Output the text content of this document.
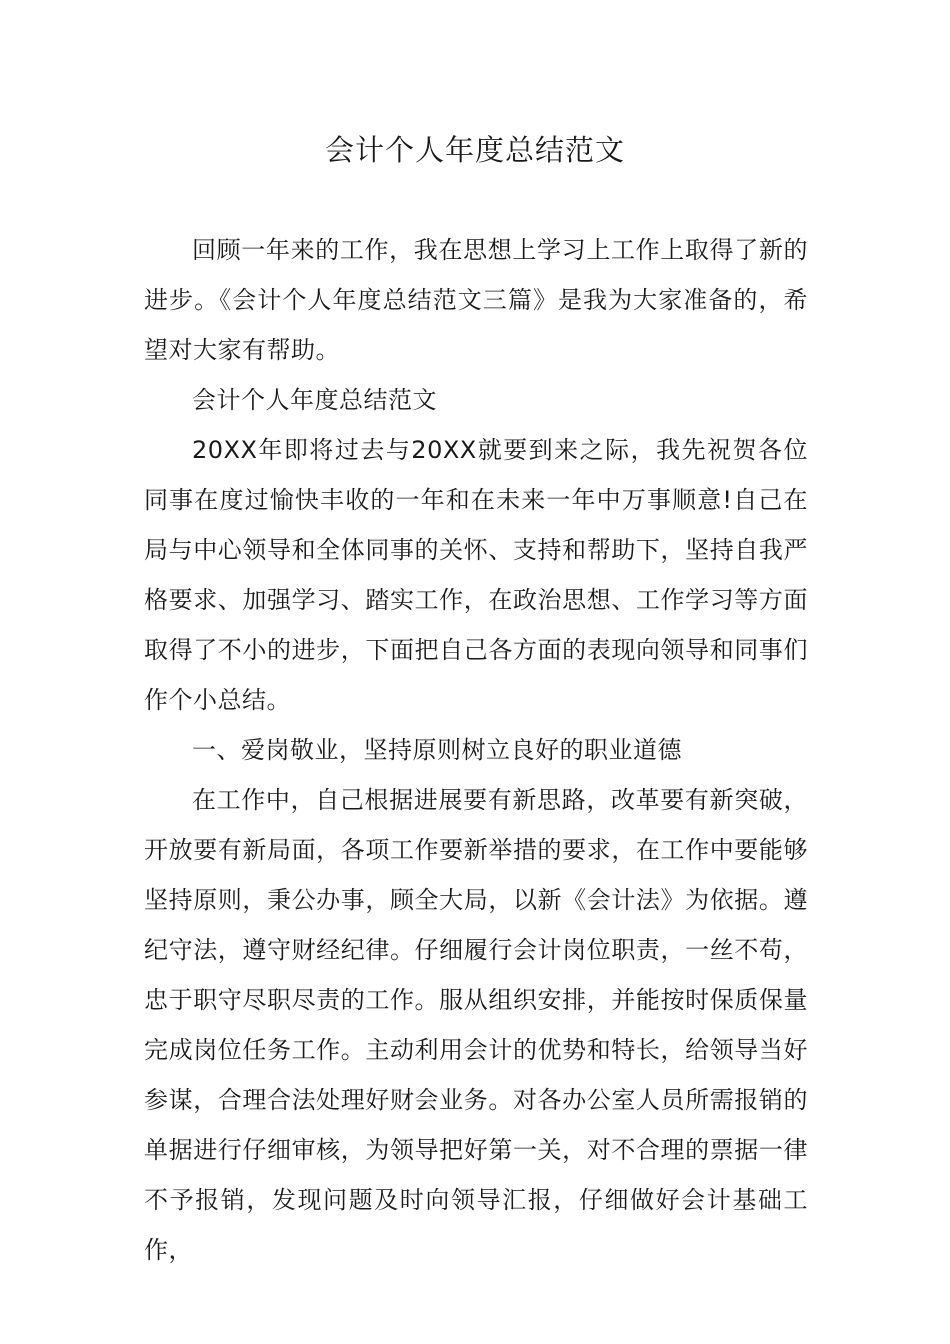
会计个人年度总结范文

回顾一年来的工作，我在思想上学习上工作上取得了新的进步。《会计个人年度总结范文三篇》是我为大家准备的，希望对大家有帮助。

会计个人年度总结范文

20XX年即将过去与20XX就要到来之际，我先祝贺各位同事在度过愉快丰收的一年和在未来一年中万事顺意!自己在局与中心领导和全体同事的关怀、支持和帮助下，坚持自我严格要求、加强学习、踏实工作，在政治思想、工作学习等方面取得了不小的进步，下面把自己各方面的表现向领导和同事们作个小总结。

一、爱岗敬业，坚持原则树立良好的职业道德

在工作中，自己根据进展要有新思路，改革要有新突破，开放要有新局面，各项工作要新举措的要求，在工作中要能够坚持原则，秉公办事，顾全大局，以新《会计法》为依据。遵纪守法，遵守财经纪律。仔细履行会计岗位职责，一丝不苟，忠于职守尽职尽责的工作。服从组织安排，并能按时保质保量完成岗位任务工作。主动利用会计的优势和特长，给领导当好参谋，合理合法处理好财会业务。对各办公室人员所需报销的单据进行仔细审核，为领导把好第一关，对不合理的票据一律不予报销，发现问题及时向领导汇报，仔细做好会计基础工作，
